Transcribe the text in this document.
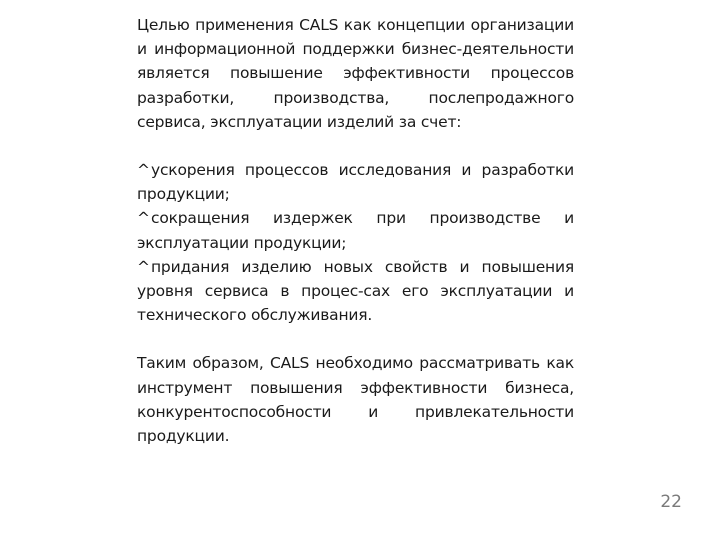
Целью применения CALS как концепции организации и информационной поддержки бизнес-деятельности является повышение эффективности процессов разработки, производства, послепродажного сервиса, эксплуатации изделий за счет:

^ускорения процессов исследования и разработки продукции;
^сокращения издержек при производстве и эксплуатации продукции;
^придания изделию новых свойств и повышения уровня сервиса в процес-сах его эксплуатации и технического обслуживания.

Таким образом, CALS необходимо рассматривать как инструмент повышения эффективности бизнеса, конкурентоспособности и привлекательности продукции.

22
